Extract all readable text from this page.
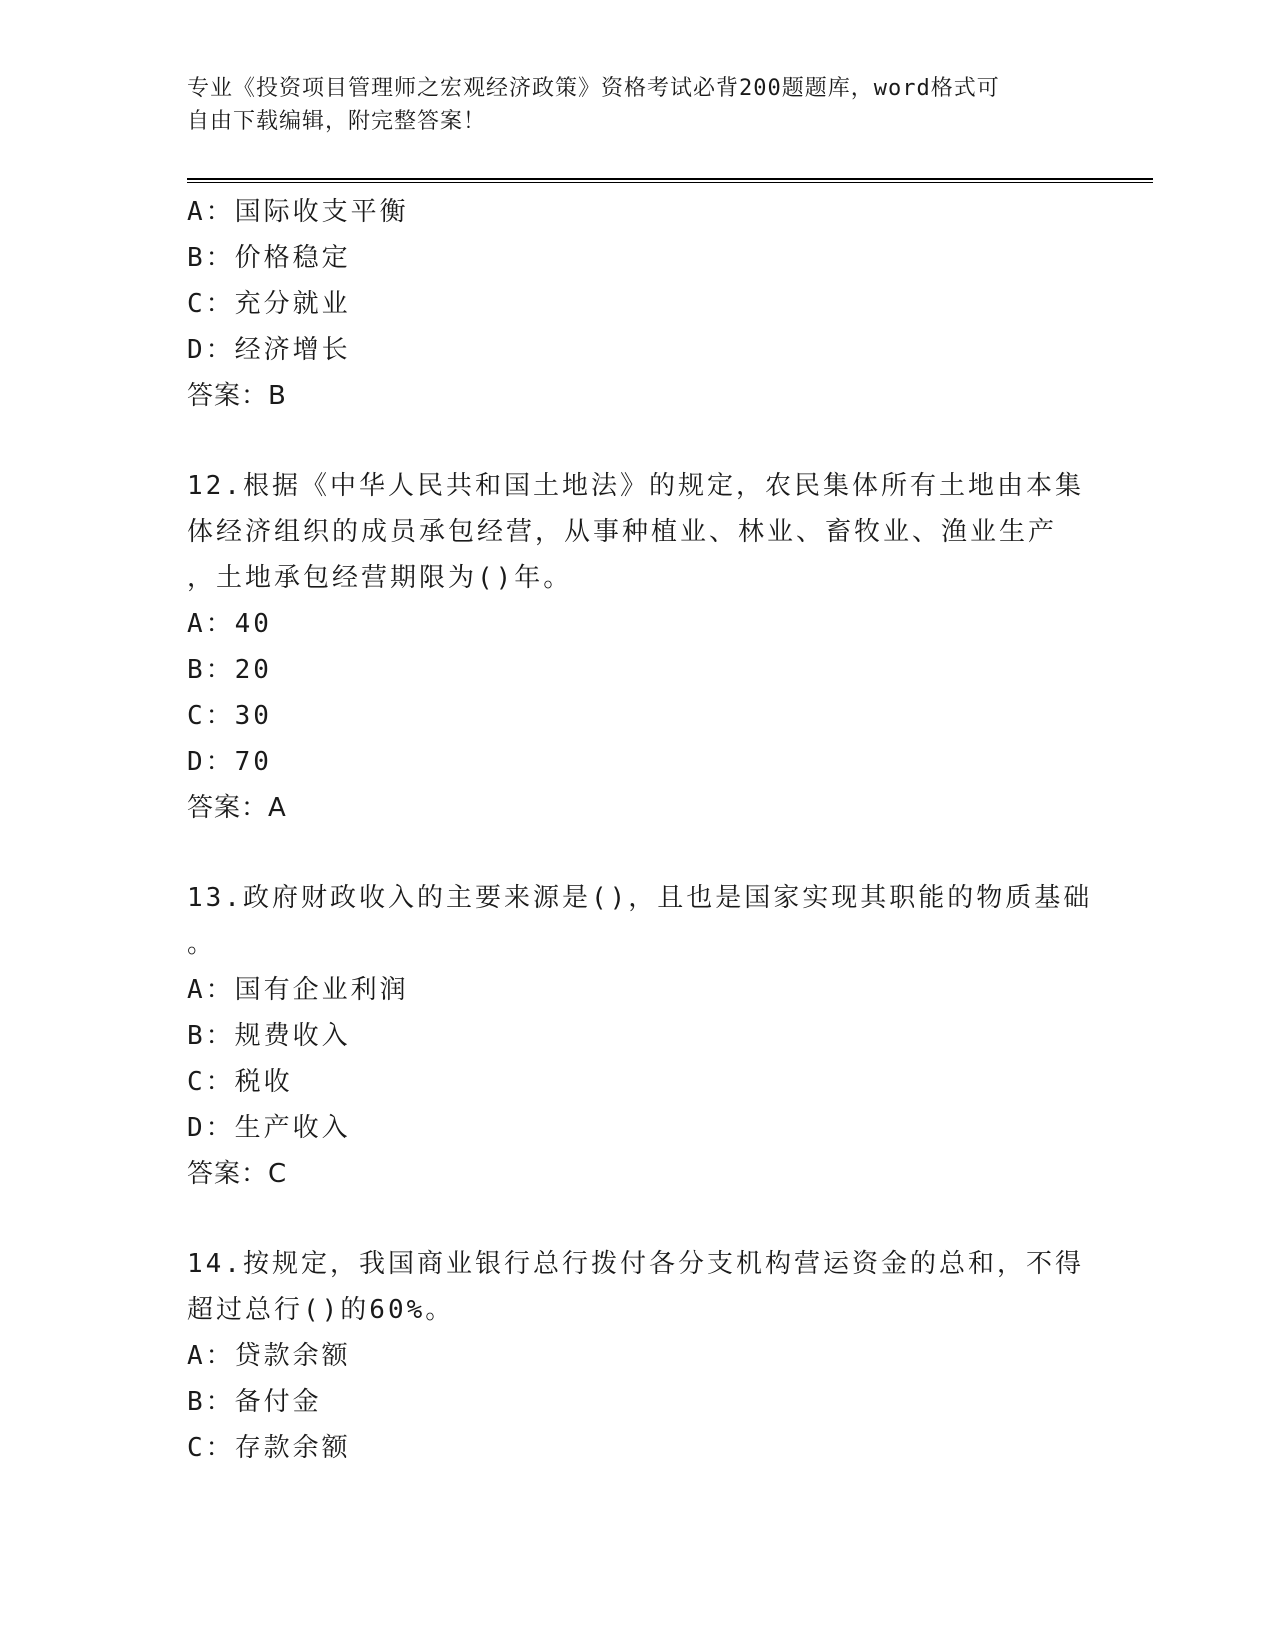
专业《投资项目管理师之宏观经济政策》资格考试必背200题题库，word格式可
自由下载编辑，附完整答案！
A：国际收支平衡
B：价格稳定
C：充分就业
D：经济增长
答案：B
12.根据《中华人民共和国土地法》的规定，农民集体所有土地由本集
体经济组织的成员承包经营，从事种植业、林业、畜牧业、渔业生产
，土地承包经营期限为()年。
A：40
B：20
C：30
D：70
答案：A
13.政府财政收入的主要来源是()，且也是国家实现其职能的物质基础
。
A：国有企业利润
B：规费收入
C：税收
D：生产收入
答案：C
14.按规定，我国商业银行总行拨付各分支机构营运资金的总和，不得
超过总行()的60%。
A：贷款余额
B：备付金
C：存款余额
